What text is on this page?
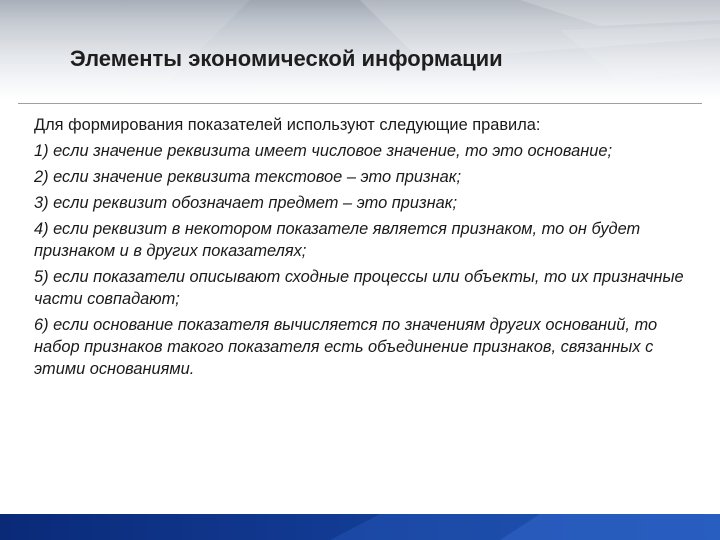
Элементы экономической информации

Для формирования показателей используют следующие правила:

1) если значение реквизита имеет числовое значение, то это основание;

2) если значение реквизита текстовое – это признак;

3) если реквизит обозначает предмет – это признак;

4) если реквизит в некотором показателе является признаком, то он будет признаком и в других показателях;

5) если показатели описывают сходные процессы или объекты, то их призначные части совпадают;

6) если основание показателя вычисляется по значениям других оснований, то набор признаков такого показателя есть объединение признаков, связанных с этими основаниями.
